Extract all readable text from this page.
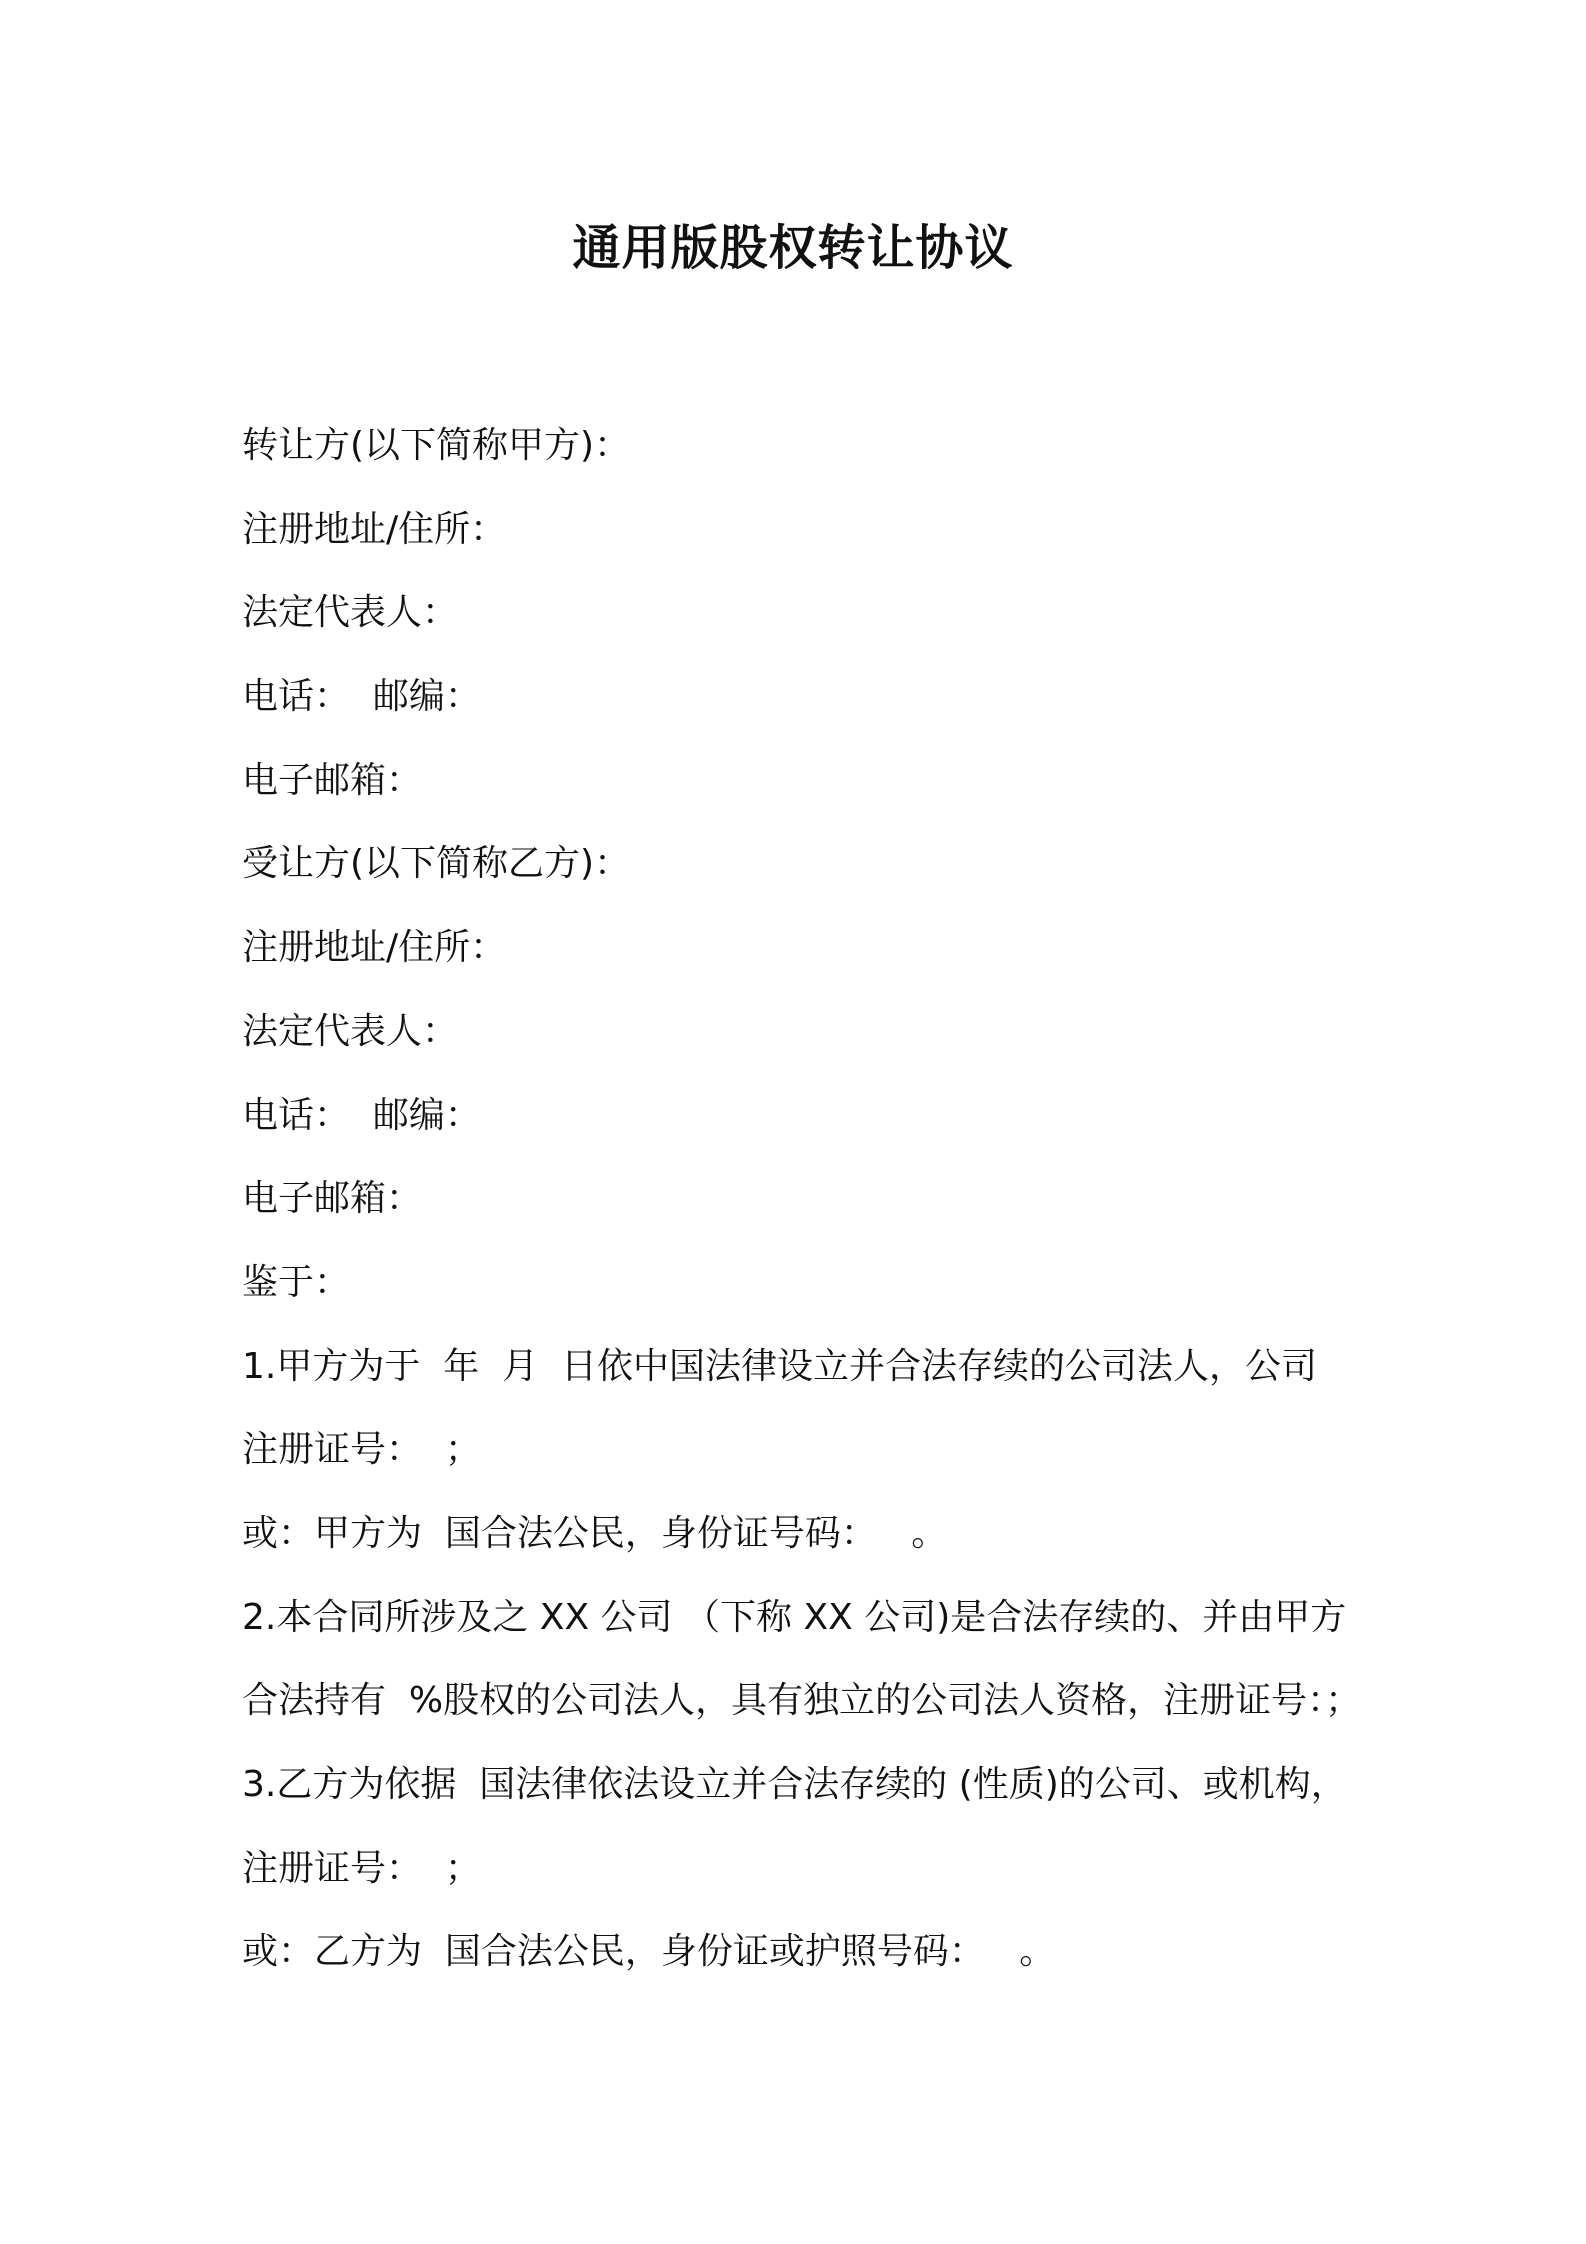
通用版股权转让协议

转让方(以下简称甲方)：

注册地址/住所：

法定代表人：

电话：  邮编：

电子邮箱：

受让方(以下简称乙方)：

注册地址/住所：

法定代表人：

电话：  邮编：

电子邮箱：

鉴于：

1.甲方为于  年  月  日依中国法律设立并合法存续的公司法人，公司

注册证号：  ；

或：甲方为  国合法公民，身份证号码：   。

2.本合同所涉及之 XX 公司 （下称 XX 公司)是合法存续的、并由甲方

合法持有  %股权的公司法人，具有独立的公司法人资格，注册证号：；

3.乙方为依据  国法律依法设立并合法存续的 (性质)的公司、或机构，

注册证号：  ；

或：乙方为  国合法公民，身份证或护照号码：   。
